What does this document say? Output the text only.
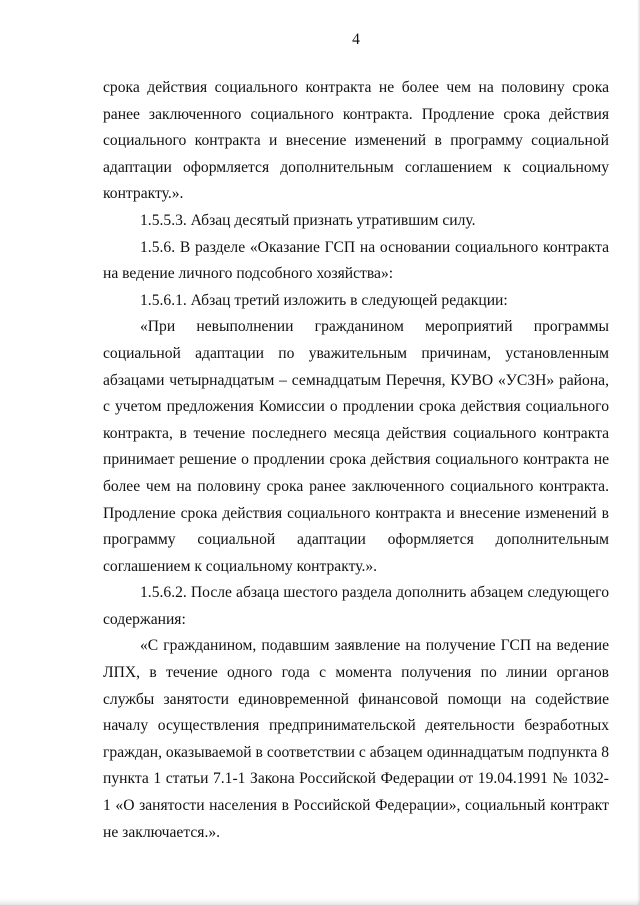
4

срока действия социального контракта не более чем на половину срока ранее заключенного социального контракта. Продление срока действия социального контракта и внесение изменений в программу социальной адаптации оформляется дополнительным соглашением к социальному контракту.».

1.5.5.3. Абзац десятый признать утратившим силу.

1.5.6. В разделе «Оказание ГСП на основании социального контракта на ведение личного подсобного хозяйства»:

1.5.6.1. Абзац третий изложить в следующей редакции:

«При невыполнении гражданином мероприятий программы социальной адаптации по уважительным причинам, установленным абзацами четырнадцатым – семнадцатым Перечня, КУВО «УСЗН» района, с учетом предложения Комиссии о продлении срока действия социального контракта, в течение последнего месяца действия социального контракта принимает решение о продлении срока действия социального контракта не более чем на половину срока ранее заключенного социального контракта. Продление срока действия социального контракта и внесение изменений в программу социальной адаптации оформляется дополнительным соглашением к социальному контракту.».

1.5.6.2. После абзаца шестого раздела дополнить абзацем следующего содержания:

«С гражданином, подавшим заявление на получение ГСП на ведение ЛПХ, в течение одного года с момента получения по линии органов службы занятости единовременной финансовой помощи на содействие началу осуществления предпринимательской деятельности безработных граждан, оказываемой в соответствии с абзацем одиннадцатым подпункта 8 пункта 1 статьи 7.1-1 Закона Российской Федерации от 19.04.1991 № 1032-1 «О занятости населения в Российской Федерации», социальный контракт не заключается.».
